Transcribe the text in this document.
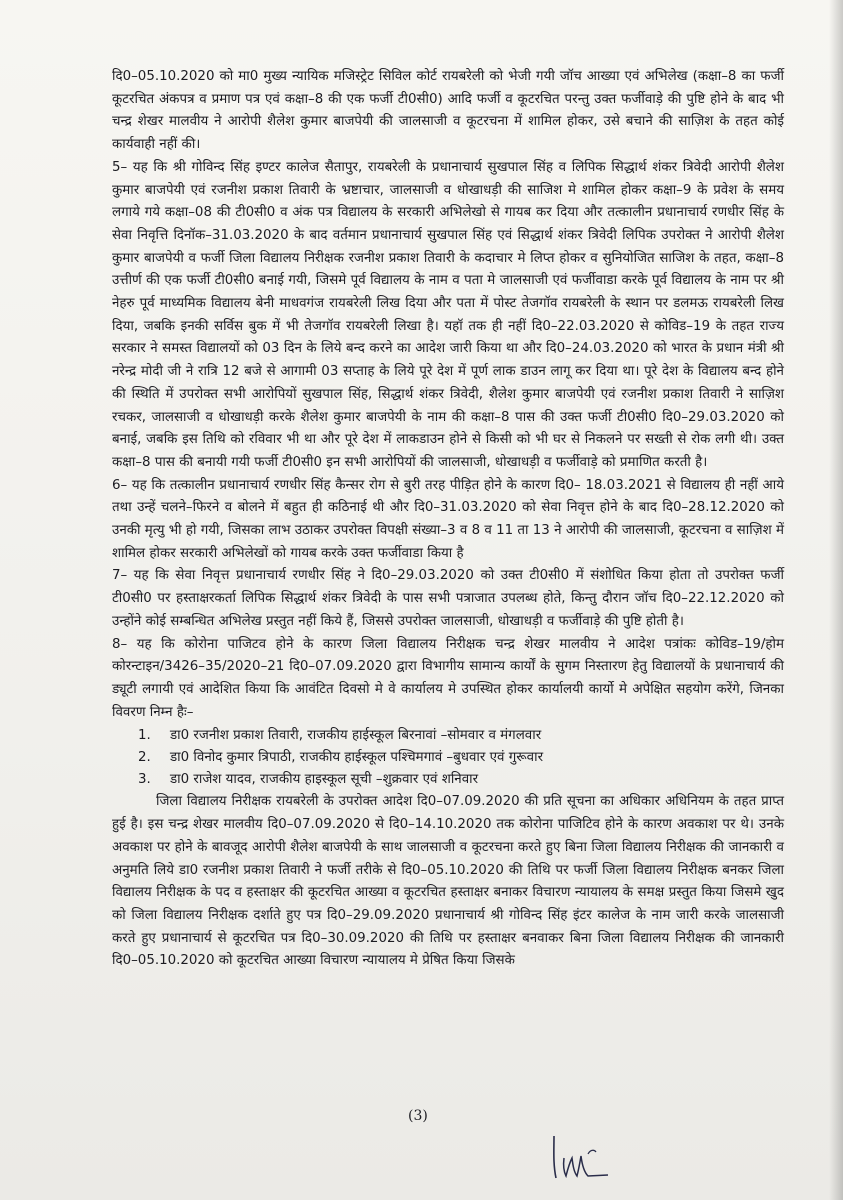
दि0–05.10.2020 को मा0 मुख्य न्यायिक मजिस्ट्रेट सिविल कोर्ट रायबरेली को भेजी गयी जॉच आख्या एवं अभिलेख (कक्षा–8 का फर्जी कूटरचित अंकपत्र व प्रमाण पत्र एवं कक्षा–8 की एक फर्जी टी0सी0) आदि फर्जी व कूटरचित परन्तु उक्त फर्जीवाड़े की पुष्टि होने के बाद भी चन्द्र शेखर मालवीय ने आरोपी शैलेश कुमार बाजपेयी की जालसाजी व कूटरचना में शामिल होकर, उसे बचाने की साज़िश के तहत कोई कार्यवाही नहीं की।

5– यह कि श्री गोविन्द सिंह इण्टर कालेज सैतापुर, रायबरेली के प्रधानाचार्य सुखपाल सिंह व लिपिक सिद्धार्थ शंकर त्रिवेदी आरोपी शैलेश कुमार बाजपेयी एवं रजनीश प्रकाश तिवारी के भ्रष्टाचार, जालसाजी व धोखाधड़ी की साजिश मे शामिल होकर कक्षा–9 के प्रवेश के समय लगाये गये कक्षा–08 की टी0सी0 व अंक पत्र विद्यालय के सरकारी अभिलेखो से गायब कर दिया और तत्कालीन प्रधानाचार्य रणधीर सिंह के सेवा निवृत्ति दिनॉक–31.03.2020 के बाद वर्तमान प्रधानाचार्य सुखपाल सिंह एवं सिद्धार्थ शंकर त्रिवेदी लिपिक उपरोक्त ने आरोपी शैलेश कुमार बाजपेयी व फर्जी जिला विद्यालय निरीक्षक रजनीश प्रकाश तिवारी के कदाचार मे लिप्त होकर व सुनियोजित साजिश के तहत, कक्षा–8 उत्तीर्ण की एक फर्जी टी0सी0 बनाई गयी, जिसमे पूर्व विद्यालय के नाम व पता मे जालसाजी एवं फर्जीवाडा करके पूर्व विद्यालय के नाम पर श्री नेहरु पूर्व माध्यमिक विद्यालय बेनी माधवगंज रायबरेली लिख दिया और पता में पोस्ट तेजगॉव रायबरेली के स्थान पर डलमऊ रायबरेली लिख दिया, जबकि इनकी सर्विस बुक में भी तेजगॉव रायबरेली लिखा है। यहॉ तक ही नहीं दि0–22.03.2020 से कोविड–19 के तहत राज्य सरकार ने समस्त विद्यालयों को 03 दिन के लिये बन्द करने का आदेश जारी किया था और दि0–24.03.2020 को भारत के प्रधान मंत्री श्री नरेन्द्र मोदी जी ने रात्रि 12 बजे से आगामी 03 सप्ताह के लिये पूरे देश में पूर्ण लाक डाउन लागू कर दिया था। पूरे देश के विद्यालय बन्द होने की स्थिति में उपरोक्त सभी आरोपियों सुखपाल सिंह, सिद्धार्थ शंकर त्रिवेदी, शैलेश कुमार बाजपेयी एवं रजनीश प्रकाश तिवारी ने साज़िश रचकर, जालसाजी व धोखाधड़ी करके शैलेश कुमार बाजपेयी के नाम की कक्षा–8 पास की उक्त फर्जी टी0सी0 दि0–29.03.2020 को बनाई, जबकि इस तिथि को रविवार भी था और पूरे देश में लाकडाउन होने से किसी को भी घर से निकलने पर सख्ती से रोक लगी थी। उक्त कक्षा–8 पास की बनायी गयी फर्जी टी0सी0 इन सभी आरोपियों की जालसाजी, धोखाधड़ी व फर्जीवाड़े को प्रमाणित करती है।

6– यह कि तत्कालीन प्रधानाचार्य रणधीर सिंह कैन्सर रोग से बुरी तरह पीड़ित होने के कारण दि0– 18.03.2021 से विद्यालय ही नहीं आये तथा उन्हें चलने–फिरने व बोलने में बहुत ही कठिनाई थी और दि0–31.03.2020 को सेवा निवृत्त होने के बाद दि0–28.12.2020 को उनकी मृत्यु भी हो गयी, जिसका लाभ उठाकर उपरोक्त विपक्षी संख्या–3 व 8 व 11 ता 13 ने आरोपी की जालसाजी, कूटरचना व साज़िश में शामिल होकर सरकारी अभिलेखों को गायब करके उक्त फर्जीवाडा किया है

7– यह कि सेवा निवृत्त प्रधानाचार्य रणधीर सिंह ने दि0–29.03.2020 को उक्त टी0सी0 में संशोधित किया होता तो उपरोक्त फर्जी टी0सी0 पर हस्ताक्षरकर्ता लिपिक सिद्धार्थ शंकर त्रिवेदी के पास सभी पत्राजात उपलब्ध होते, किन्तु दौरान जॉच दि0–22.12.2020 को उन्होंने कोई सम्बन्धित अभिलेख प्रस्तुत नहीं किये हैं, जिससे उपरोक्त जालसाजी, धोखाधड़ी व फर्जीवाड़े की पुष्टि होती है।

8– यह कि कोरोना पाजिटव होने के कारण जिला विद्यालय निरीक्षक चन्द्र शेखर मालवीय ने आदेश पत्रांकः कोविड–19/होम कोरन्टाइन/3426–35/2020–21 दि0–07.09.2020 द्वारा विभागीय सामान्य कार्यों के सुगम निस्तारण हेतु विद्यालयों के प्रधानाचार्य की ड्यूटी लगायी एवं आदेशित किया कि आवंटित दिवसो मे वे कार्यालय मे उपस्थित होकर कार्यालयी कार्यो मे अपेक्षित सहयोग करेंगे, जिनका विवरण निम्न हैः–

1. डा0 रजनीश प्रकाश तिवारी, राजकीय हाईस्कूल बिरनावां –सोमवार व मंगलवार
2. डा0 विनोद कुमार त्रिपाठी, राजकीय हाईस्कूल पश्चिमगावं –बुधवार एवं गुरूवार
3. डा0 राजेश यादव, राजकीय हाइस्कूल सूची –शुक्रवार एवं शनिवार

जिला विद्यालय निरीक्षक रायबरेली के उपरोक्त आदेश दि0–07.09.2020 की प्रति सूचना का अधिकार अधिनियम के तहत प्राप्त हुई है। इस चन्द्र शेखर मालवीय दि0–07.09.2020 से दि0–14.10.2020 तक कोरोना पाजिटिव होने के कारण अवकाश पर थे। उनके अवकाश पर होने के बावजूद आरोपी शैलेश बाजपेयी के साथ जालसाजी व कूटरचना करते हुए बिना जिला विद्यालय निरीक्षक की जानकारी व अनुमति लिये डा0 रजनीश प्रकाश तिवारी ने फर्जी तरीके से दि0–05.10.2020 की तिथि पर फर्जी जिला विद्यालय निरीक्षक बनकर जिला विद्यालय निरीक्षक के पद व हस्ताक्षर की कूटरचित आख्या व कूटरचित हस्ताक्षर बनाकर विचारण न्यायालय के समक्ष प्रस्तुत किया जिसमे खुद को जिला विद्यालय निरीक्षक दर्शाते हुए पत्र दि0–29.09.2020 प्रधानाचार्य श्री गोविन्द सिंह इंटर कालेज के नाम जारी करके जालसाजी करते हुए प्रधानाचार्य से कूटरचित पत्र दि0–30.09.2020 की तिथि पर हस्ताक्षर बनवाकर बिना जिला विद्यालय निरीक्षक की जानकारी दि0–05.10.2020 को कूटरचित आख्या विचारण न्यायालय मे प्रेषित किया जिसके

(3)
